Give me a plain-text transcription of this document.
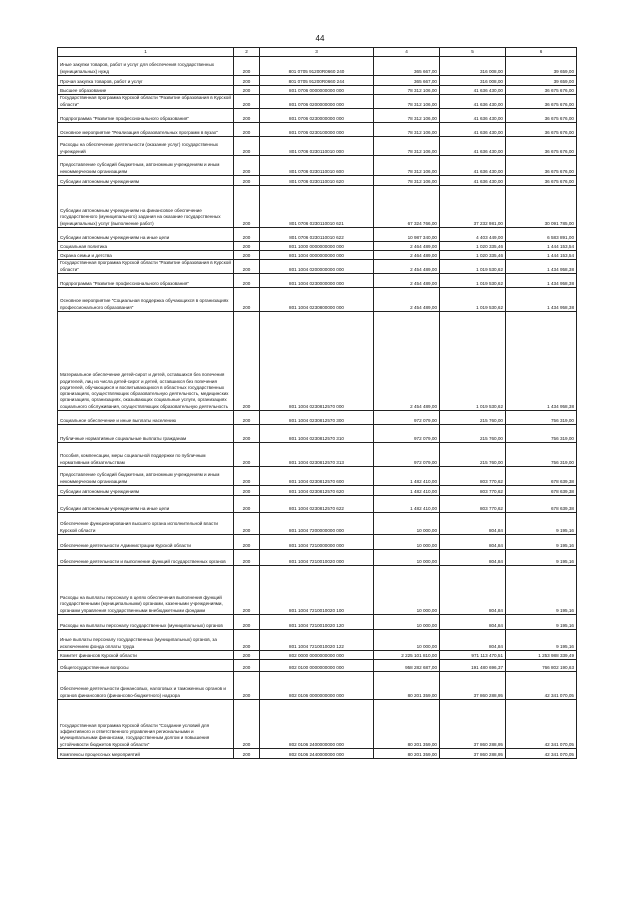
44
1	2	3	4	5	6
Иные закупки товаров, работ и услуг для обеспечения государственных (муниципальных) нужд	200	801 0705 91200R0660 240	365 667,00	316 008,00	39 659,00
Прочая закупка товаров, работ и услуг	200	801 0705 91200R0660 244	365 667,00	316 008,00	39 659,00
Высшее образование	200	801 0706 0000000000 000	78 312 106,00	41 636 430,00	36 675 676,00
Государственная программа Курской области "Развитие образования в Курской области"	200	801 0706 0200000000 000	78 312 106,00	41 636 430,00	36 675 676,00
Подпрограмма "Развитие профессионального образования"	200	801 0706 0230000000 000	78 312 106,00	41 636 430,00	36 675 676,00
Основное мероприятие "Реализация образовательных программ в вузах"	200	801 0706 0230100000 000	78 312 106,00	41 636 430,00	36 675 676,00
Расходы на обеспечение деятельности (оказание услуг) государственных учреждений	200	801 0706 0230110010 000	78 312 106,00	41 636 430,00	36 675 676,00
Предоставление субсидий бюджетным, автономным учреждениям и иным некоммерческим организациям	200	801 0706 0230110010 600	78 312 106,00	41 636 430,00	36 675 676,00
Субсидии автономным учреждениям	200	801 0706 0230110010 620	78 312 106,00	41 636 430,00	36 675 676,00
Субсидии автономным учреждениям на финансовое обеспечение государственного (муниципального) задания на оказание государственных (муниципальных) услуг (выполнение работ)	200	801 0706 0230110010 621	67 324 766,00	37 232 981,00	30 091 785,00
Субсидии автономным учреждениям на иные цели	200	801 0706 0230110010 622	10 987 340,00	4 403 449,00	6 583 891,00
Социальная политика	200	801 1000 0000000000 000	2 464 489,00	1 020 335,46	1 444 153,54
Охрана семьи и детства	200	801 1004 0000000000 000	2 464 489,00	1 020 335,46	1 444 153,54
Государственная программа Курской области "Развитие образования в Курской области"	200	801 1004 0200000000 000	2 454 489,00	1 019 530,62	1 434 958,38
Подпрограмма "Развитие профессионального образования"	200	801 1004 0230000000 000	2 454 489,00	1 019 530,62	1 434 958,38
Основное мероприятие "Социальная поддержка обучающихся в организациях профессионального образования"	200	801 1004 0230800000 000	2 454 489,00	1 019 530,62	1 434 958,38
Материальное обеспечение детей-сирот и детей, оставшихся без попечения родителей, лиц из числа детей-сирот и детей, оставшихся без попечения родителей, обучающихся и воспитывающихся в областных государственных организациях, осуществляющих образовательную деятельность, медицинских организациях, организациях, оказывающих социальные услуги, организациях социального обслуживания, осуществляющих образовательную деятельность	200	801 1004 0230812570 000	2 454 489,00	1 019 530,62	1 434 958,38
Социальное обеспечение и иные выплаты населению	200	801 1004 0230812570 300	972 079,00	215 760,00	756 319,00
Публичные нормативные социальные выплаты гражданам	200	801 1004 0230812570 310	972 079,00	215 760,00	756 319,00
Пособия, компенсации, меры социальной поддержки по публичным нормативным обязательствам	200	801 1004 0230812570 313	972 079,00	215 760,00	756 319,00
Предоставление субсидий бюджетным, автономным учреждениям и иным некоммерческим организациям	200	801 1004 0230812570 600	1 482 410,00	803 770,62	678 639,38
Субсидии автономным учреждениям	200	801 1004 0230812570 620	1 482 410,00	803 770,62	678 639,38
Субсидии автономным учреждениям на иные цели	200	801 1004 0230812570 622	1 482 410,00	803 770,62	678 639,38
Обеспечение функционирования высшего органа исполнительной власти Курской области	200	801 1004 7200000000 000	10 000,00	804,84	9 195,16
Обеспечение деятельности Администрации Курской области	200	801 1004 7210000000 000	10 000,00	804,84	9 195,16
Обеспечение деятельности и выполнение функций государственных органов	200	801 1004 7210010020 000	10 000,00	804,84	9 195,16
Расходы на выплаты персоналу в целях обеспечения выполнения функций государственными (муниципальными) органами, казенными учреждениями, органами управления государственными внебюджетными фондами	200	801 1004 7210010020 100	10 000,00	804,84	9 195,16
Расходы на выплаты персоналу государственных (муниципальных) органов	200	801 1004 7210010020 120	10 000,00	804,84	9 195,16
Иные выплаты персоналу государственных (муниципальных) органов, за исключением фонда оплаты труда	200	801 1004 7210010020 122	10 000,00	804,84	9 195,16
Комитет финансов Курской области	200	802 0000 0000000000 000	2 225 101 810,00	971 113 470,51	1 253 988 339,49
Общегосударственные вопросы	200	802 0100 0000000000 000	958 282 687,00	191 480 696,37	766 802 190,63
Обеспечение деятельности финансовых, налоговых и таможенных органов и органов финансового (финансово-бюджетного) надзора	200	802 0106 0000000000 000	80 201 359,00	37 860 288,95	42 341 070,05
Государственная программа Курской области "Создание условий для эффективного и ответственного управления региональными и муниципальными финансами, государственным долгом и повышения устойчивости бюджетов Курской области"	200	802 0106 2400000000 000	80 201 359,00	37 860 288,95	42 341 070,05
Комплексы процессных мероприятий	200	802 0106 2440000000 000	80 201 359,00	37 860 288,95	42 341 070,05
